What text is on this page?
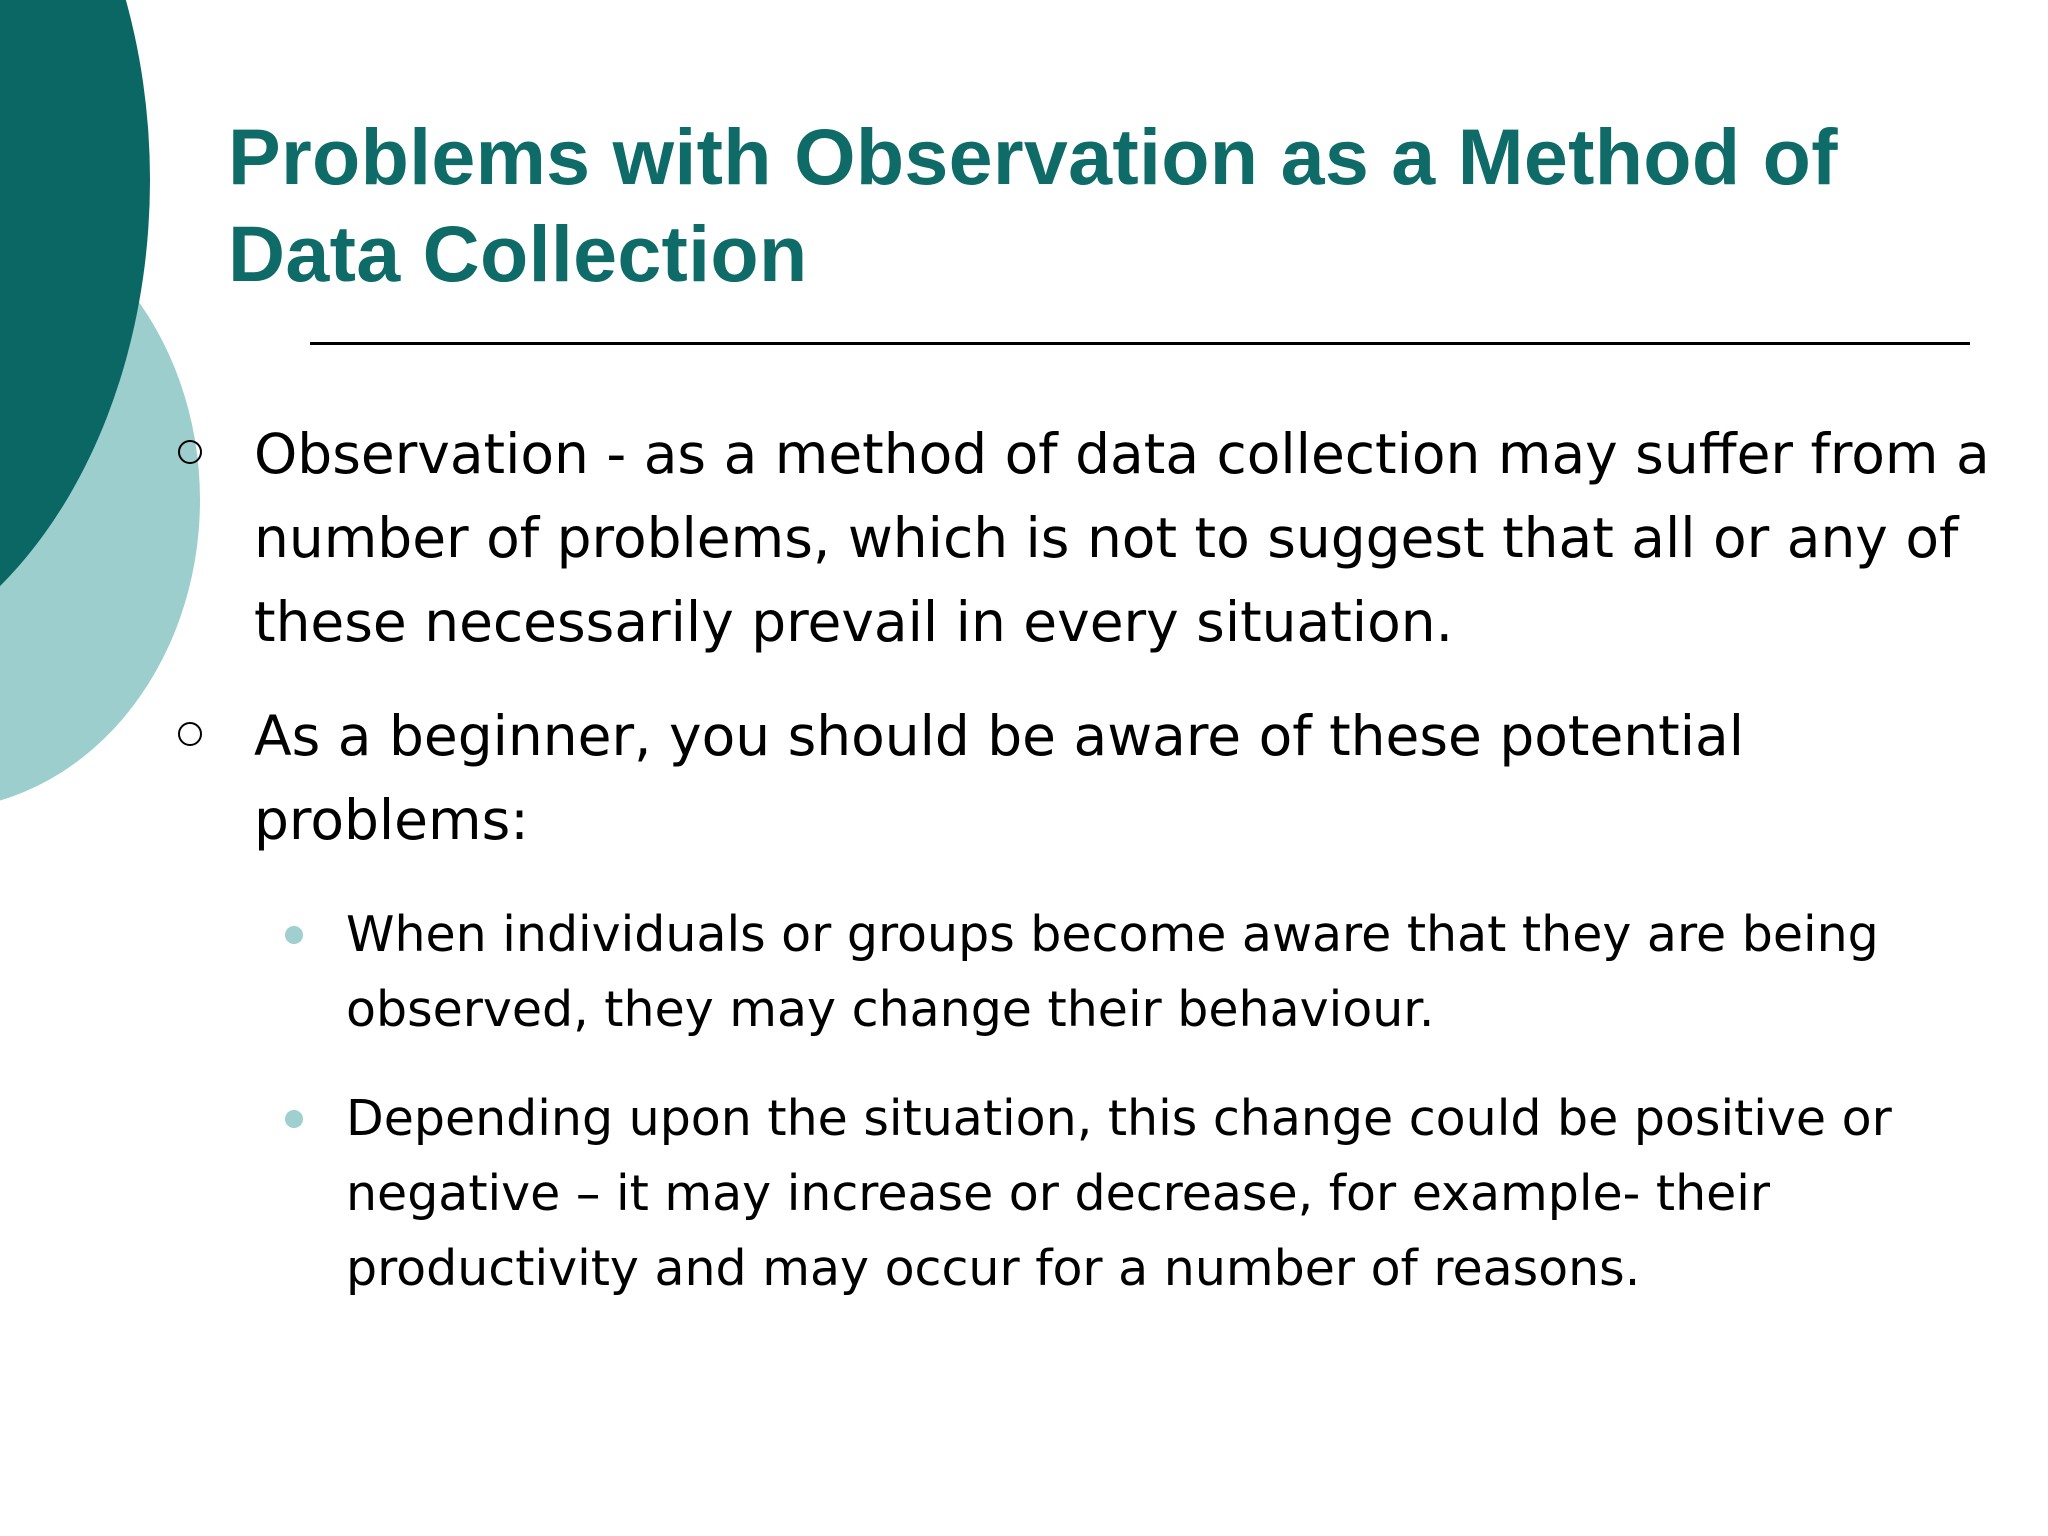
Problems with Observation as a Method of Data Collection
Observation - as a method of data collection may suffer from a number of problems, which is not to suggest that all or any of these necessarily prevail in every situation.
As a beginner, you should be aware of these potential problems:
When individuals or groups become aware that they are being observed, they may change their behaviour.
Depending upon the situation, this change could be positive or negative – it may increase or decrease, for example- their productivity and may occur for a number of reasons.
